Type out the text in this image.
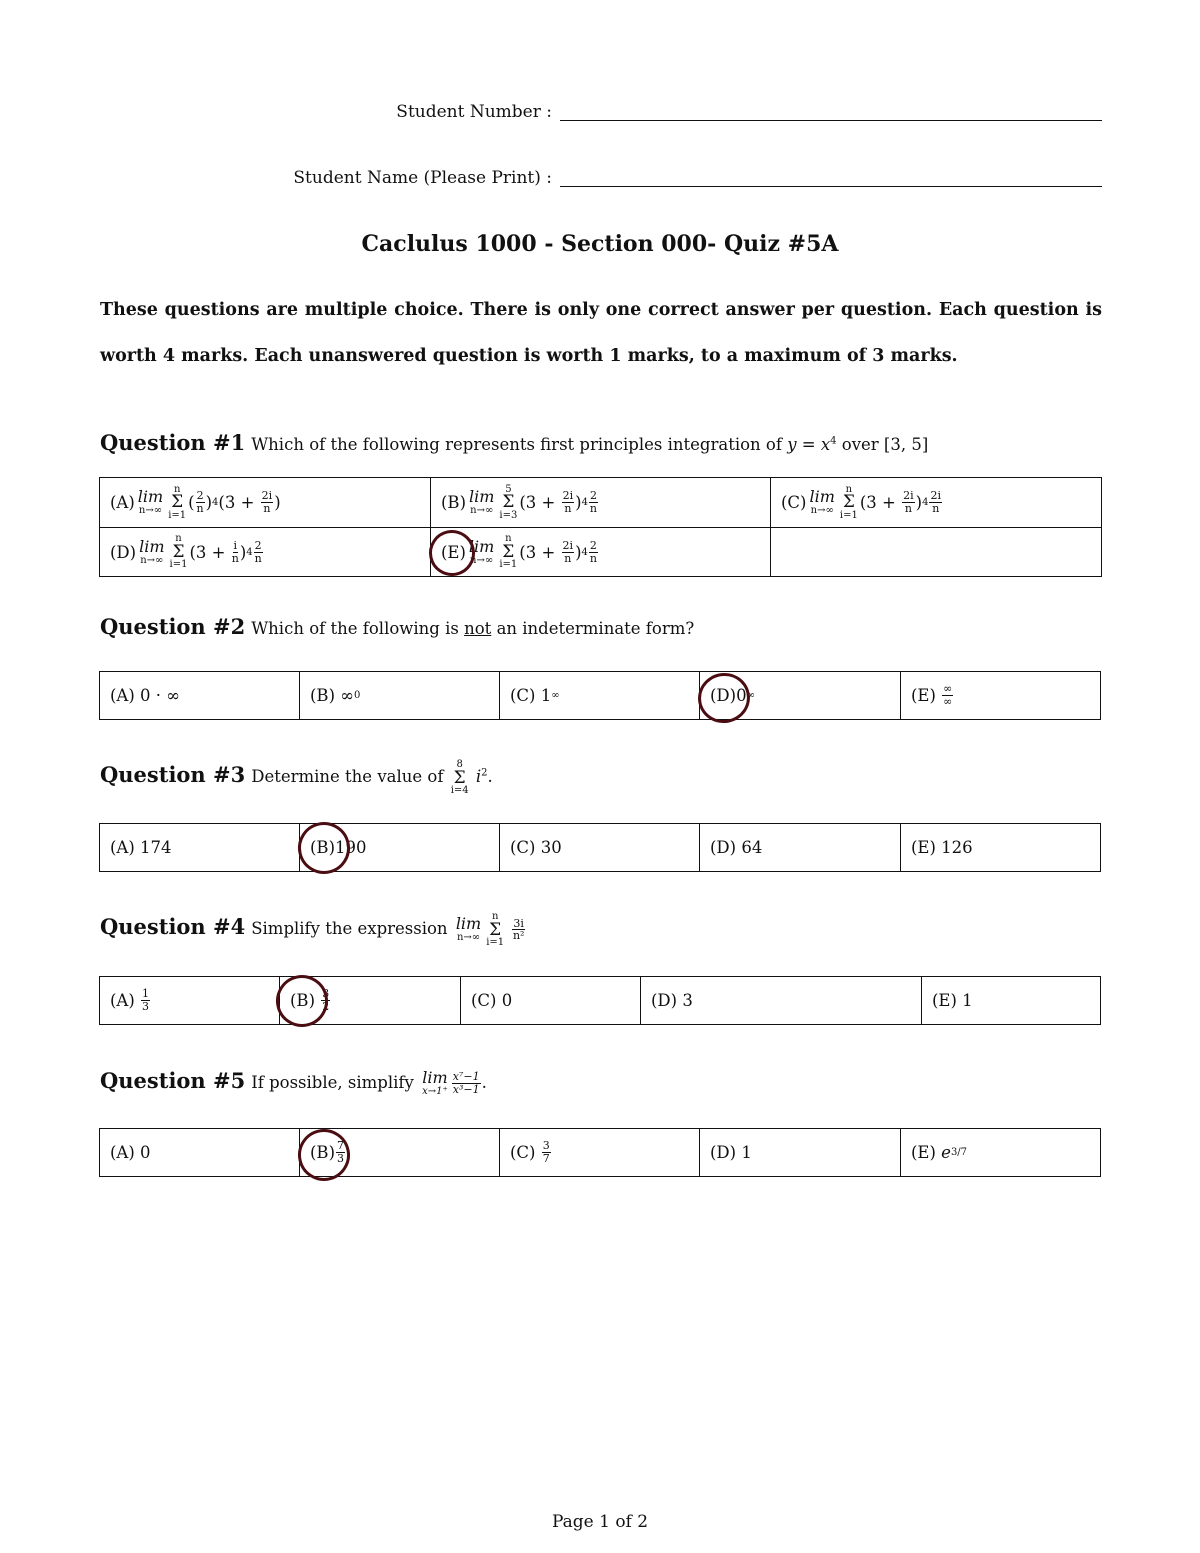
Student Number :
Student Name (Please Print) :
Caclulus 1000 - Section 000- Quiz #5A
These questions are multiple choice. There is only one correct answer per question. Each question is
worth 4 marks. Each unanswered question is worth 1 marks, to a maximum of 3 marks.
Question #1 Which of the following represents first principles integration of $y = x^4$ over [3, 5]
(A) lim
n→∞
n
Σ
i=1
( $\frac{2}{n}$ ) 4 (3 +
$\frac{2i}{n}$ )	(B) lim
n→∞
5
Σ
i=3
(3 +
$\frac{2i}{n}$ ) $4 \frac{2}{n}$	(C) lim
n→∞
n
Σ
i=1
(3 +
$\frac{2i}{n}$ ) $4 \frac{2i}{n}$
(D) lim
n→∞
n
Σ
i=1
(3 +
$\frac{i}{n}$ ) $4 \frac{2}{n}$	(E) lim
n→∞
n
Σ
i=1
(3 +
$\frac{2i}{n}$ ) $4 \frac{2}{n}$
Question #2 Which of the following is not an indeterminate form?
(A)
0 · ∞	(B)
∞ 0	(C)
1 ∞	(D) 0 ∞	(E)
$\frac{\infty}{\infty}$
Question #3 Determine the value of
8
Σ
i=4
$i^2$.
(A)
174	(B) 190	(C)
30	(D)
64	(E)
126
Question #4 Simplify the expression lim
n→∞
n
Σ
i=1

$\frac{3i}{\text{n²}}$
(A)
$\frac{1}{3}$	(B)
$\frac{3}{2}$	(C)
0	(D)
3	(E)
1
Question #5 If possible, simplify lim
$x\to 1^+ \frac{\text{x⁷−1}}{\text{x³−1}}$ .
(A)
0	$(B) \frac{7}{3}$	(C)
$\frac{3}{7}$	(D)
1	(E)
e 3/7
Page 1 of 2
